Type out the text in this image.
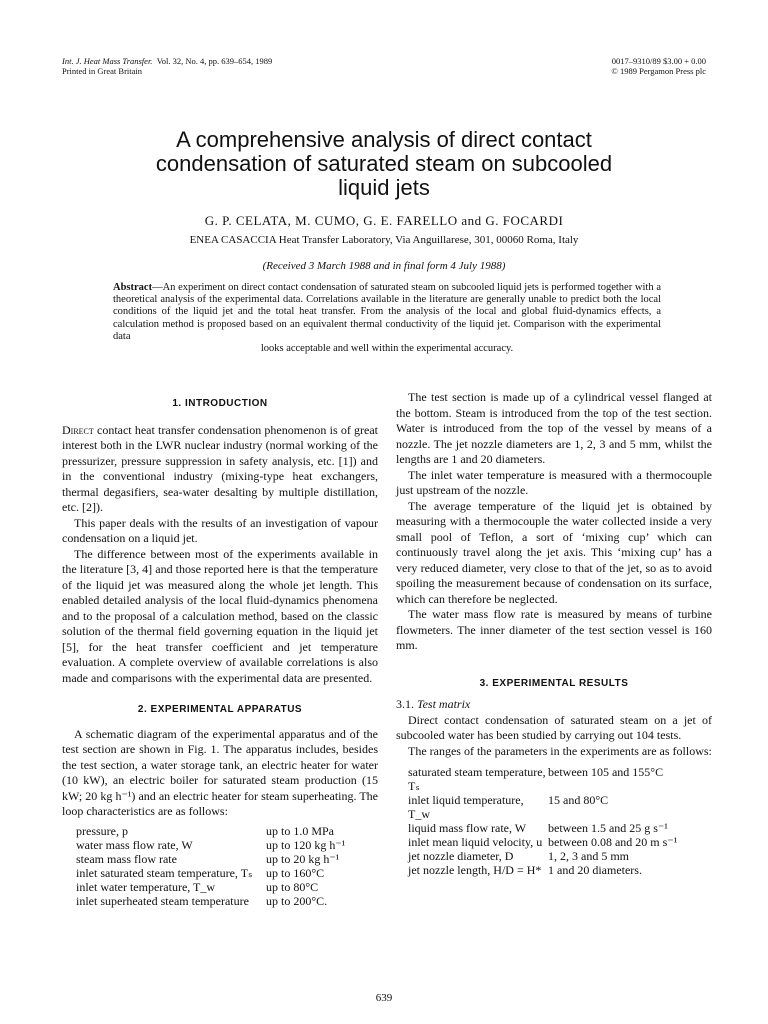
Int. J. Heat Mass Transfer. Vol. 32, No. 4, pp. 639–654, 1989
Printed in Great Britain
0017–9310/89 $3.00 + 0.00
© 1989 Pergamon Press plc
A comprehensive analysis of direct contact
condensation of saturated steam on subcooled
liquid jets
G. P. CELATA, M. CUMO, G. E. FARELLO and G. FOCARDI
ENEA CASACCIA Heat Transfer Laboratory, Via Anguillarese, 301, 00060 Roma, Italy
(Received 3 March 1988 and in final form 4 July 1988)
Abstract—An experiment on direct contact condensation of saturated steam on subcooled liquid jets is performed together with a theoretical analysis of the experimental data. Correlations available in the literature are generally unable to predict both the local conditions of the liquid jet and the total heat transfer. From the analysis of the local and global fluid-dynamics effects, a calculation method is proposed based on an equivalent thermal conductivity of the liquid jet. Comparison with the experimental data
looks acceptable and well within the experimental accuracy.
1. INTRODUCTION

Direct contact heat transfer condensation phenomenon is of great interest both in the LWR nuclear industry (normal working of the pressurizer, pressure suppression in safety analysis, etc. [1]) and in the conventional industry (mixing-type heat exchangers, thermal degasifiers, sea-water desalting by multiple distillation, etc. [2]).

This paper deals with the results of an investigation of vapour condensation on a liquid jet.

The difference between most of the experiments available in the literature [3, 4] and those reported here is that the temperature of the liquid jet was measured along the whole jet length. This enabled detailed analysis of the local fluid-dynamics phenomena and to the proposal of a calculation method, based on the classic solution of the thermal field governing equation in the liquid jet [5], for the heat transfer coefficient and jet temperature evaluation. A complete overview of available correlations is also made and comparisons with the experimental data are presented.

2. EXPERIMENTAL APPARATUS

A schematic diagram of the experimental apparatus and of the test section are shown in Fig. 1. The apparatus includes, besides the test section, a water storage tank, an electric heater for water (10 kW), an electric boiler for saturated steam production (15 kW; 20 kg h⁻¹) and an electric heater for steam superheating. The loop characteristics are as follows:

pressure, p	up to 1.0 MPa
water mass flow rate, W	up to 120 kg h⁻¹
steam mass flow rate	up to 20 kg h⁻¹
inlet saturated steam temperature, Tₛ	up to 160°C
inlet water temperature, T_w	up to 80°C
inlet superheated steam temperature	up to 200°C.

The test section is made up of a cylindrical vessel flanged at the bottom. Steam is introduced from the top of the test section. Water is introduced from the top of the vessel by means of a nozzle. The jet nozzle diameters are 1, 2, 3 and 5 mm, whilst the lengths are 1 and 20 diameters.

The inlet water temperature is measured with a thermocouple just upstream of the nozzle.

The average temperature of the liquid jet is obtained by measuring with a thermocouple the water collected inside a very small pool of Teflon, a sort of ‘mixing cup’ which can continuously travel along the jet axis. This ‘mixing cup’ has a very reduced diameter, very close to that of the jet, so as to avoid spoiling the measurement because of condensation on its surface, which can therefore be neglected.

The water mass flow rate is measured by means of turbine flowmeters. The inner diameter of the test section vessel is 160 mm.

3. EXPERIMENTAL RESULTS
3.1. Test matrix

Direct contact condensation of saturated steam on a jet of subcooled water has been studied by carrying out 104 tests.

The ranges of the parameters in the experiments are as follows:

saturated steam temperature, Tₛ	between 105 and 155°C
inlet liquid temperature, T_w	15 and 80°C
liquid mass flow rate, W	between 1.5 and 25 g s⁻¹
inlet mean liquid velocity, u	between 0.08 and 20 m s⁻¹
jet nozzle diameter, D	1, 2, 3 and 5 mm
jet nozzle length, H/D = H*	1 and 20 diameters.
639
